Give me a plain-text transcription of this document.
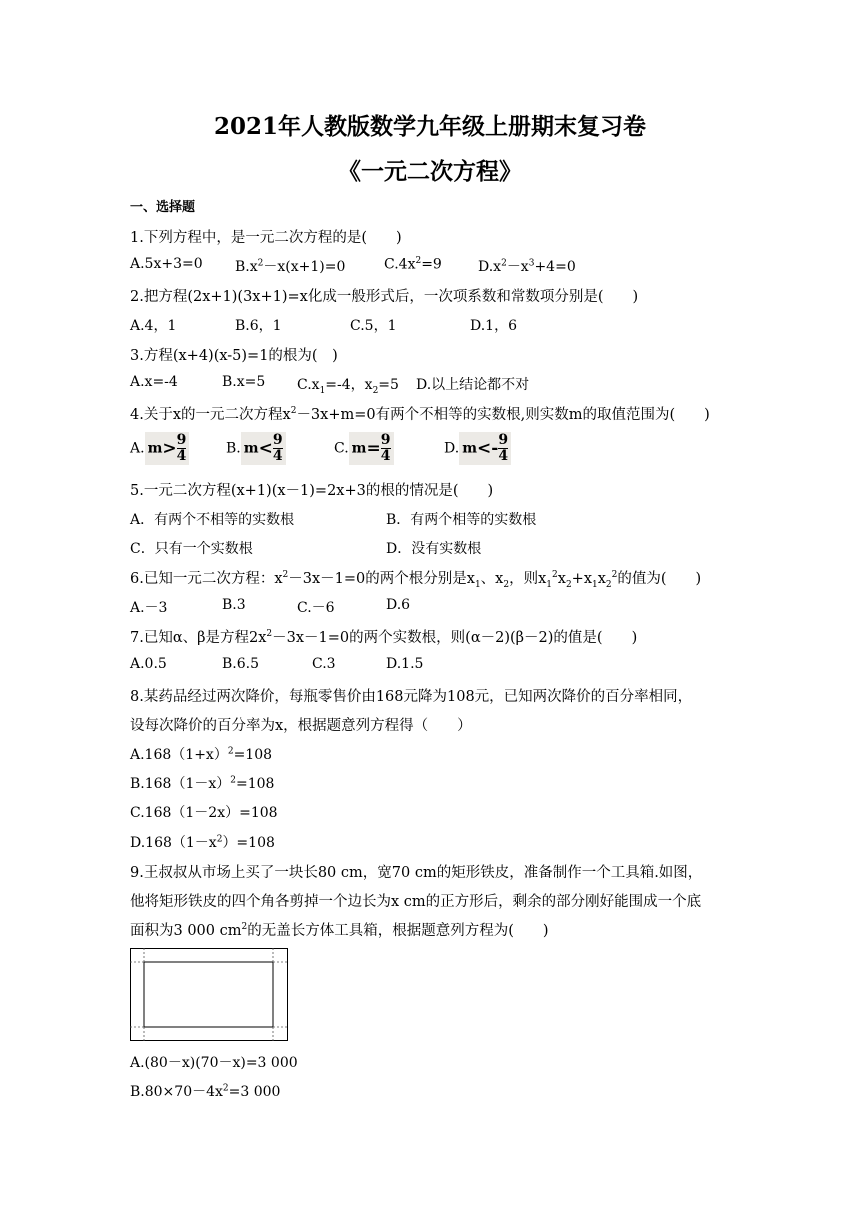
2021年人教版数学九年级上册期末复习卷
《一元二次方程》
一、选择题
1.下列方程中，是一元二次方程的是(　　)
A.5x+3=0 $B.x^2-x(x+1)=0$	$C.4x^2=9$	$D.x^2-x^3+4=0$
2.把方程(2x+1)(3x+1)=x化成一般形式后，一次项系数和常数项分别是(　　)
A.4，1	B.6，1	C.5，1	D.1，6
3.方程(x+4)(x-5)=1的根为(　)
A.x=-4	B.x=5 $C.x_1=-4$，$x_2=5$ D.以上结论都不对
4.关于x的一元二次方程$x^2-3x+m=0$有两个不相等的实数根,则实数m的取值范围为(　　)
A. $m> \frac{9}{4}$	B. $m< \frac{9}{4}$	C. $m= \frac{9}{4}$	D. $m<- \frac{9}{4}$
5.一元二次方程(x+1)(x－1)=2x+3的根的情况是(　　)
A．有两个不相等的实数根	B．有两个相等的实数根
C．只有一个实数根	D．没有实数根
6.已知一元二次方程：$x^2-3x-1=0$的两个根分别是$x_1$、$x_2$，则$x_1^2x_2+x_1x_2^2$的值为(　　)
A.－3	B.3	C.－6	D.6
7.已知α、β是方程$2x^2-3x-1=0$的两个实数根，则(α－2)(β－2)的值是(　　)
A.0.5	B.6.5	C.3	D.1.5
8.某药品经过两次降价，每瓶零售价由168元降为108元，已知两次降价的百分率相同，
设每次降价的百分率为x，根据题意列方程得（　　）
$A.168(1+x)^2=108$
$B.168(1-x)^2=108$
C.168（1－2x）=108
$D.168(1-x^2)=108$
9.王叔叔从市场上买了一块长80 cm，宽70 cm的矩形铁皮，准备制作一个工具箱.如图，
他将矩形铁皮的四个角各剪掉一个边长为x cm的正方形后，剩余的部分刚好能围成一个底
面积为3 000 $cm^2$的无盖长方体工具箱，根据题意列方程为(　　)
A.(80－x)(70－x)=3 000
$B.80\times 70-4x^2=3$ 000
